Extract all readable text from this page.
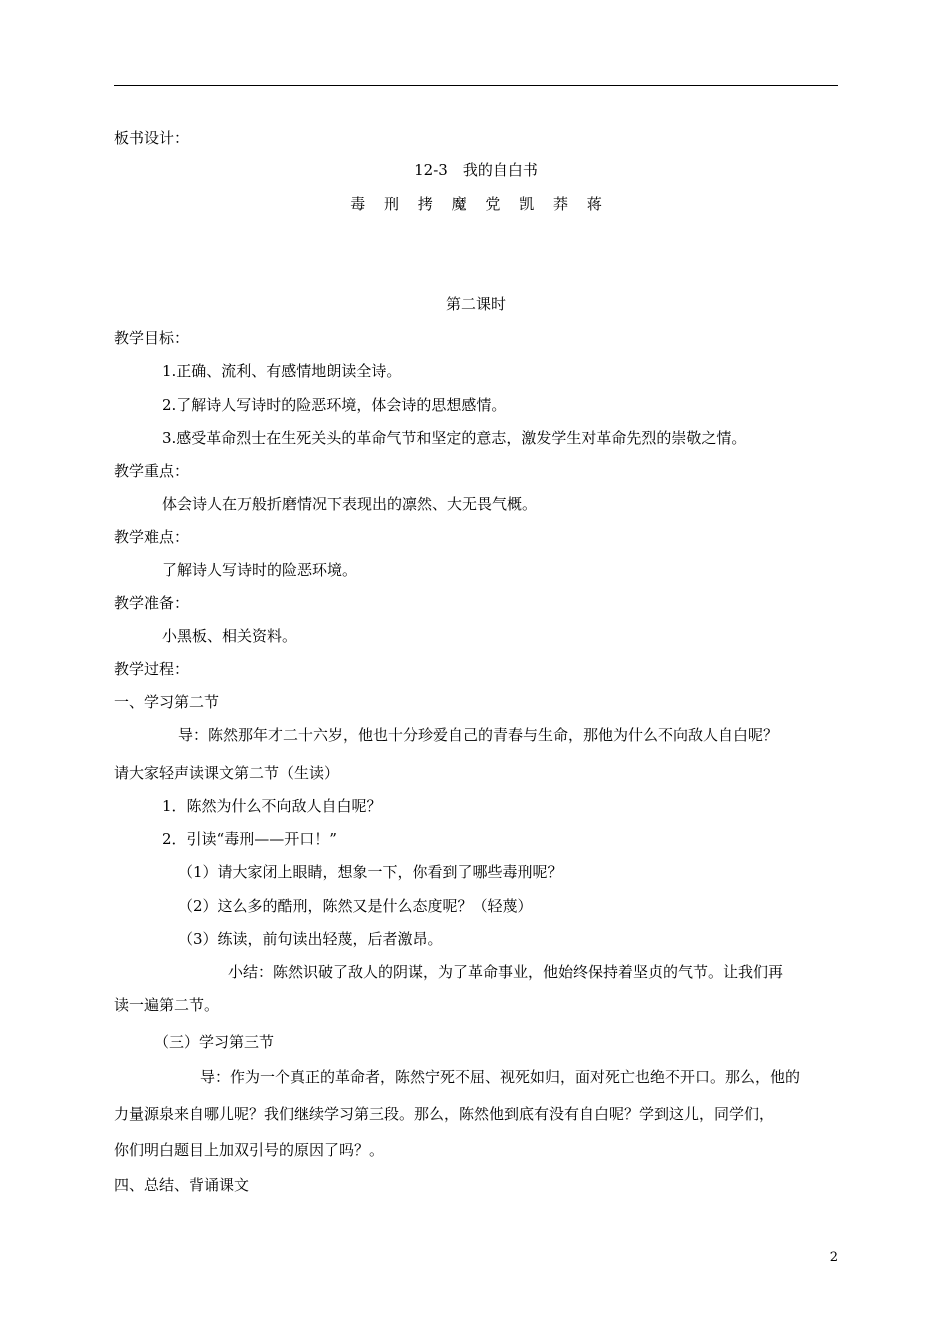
板书设计：
12-3　我的自白书
毒 刑 拷 魔 党 凯 莽 蒋
第二课时
教学目标：
1.正确、流利、有感情地朗读全诗。
2.了解诗人写诗时的险恶环境，体会诗的思想感情。
3.感受革命烈士在生死关头的革命气节和坚定的意志，激发学生对革命先烈的崇敬之情。
教学重点：
体会诗人在万般折磨情况下表现出的凛然、大无畏气概。
教学难点：
了解诗人写诗时的险恶环境。
教学准备：
小黑板、相关资料。
教学过程：
一、学习第二节
导：陈然那年才二十六岁，他也十分珍爱自己的青春与生命，那他为什么不向敌人自白呢？
请大家轻声读课文第二节（生读）
1．陈然为什么不向敌人自白呢？
2．引读“毒刑——开口！”
（1）请大家闭上眼睛，想象一下，你看到了哪些毒刑呢？
（2）这么多的酷刑，陈然又是什么态度呢？（轻蔑）
（3）练读，前句读出轻蔑，后者激昂。
小结：陈然识破了敌人的阴谋，为了革命事业，他始终保持着坚贞的气节。让我们再
读一遍第二节。
（三）学习第三节
导：作为一个真正的革命者，陈然宁死不屈、视死如归，面对死亡也绝不开口。那么，他的
力量源泉来自哪儿呢？我们继续学习第三段。那么，陈然他到底有没有自白呢？学到这儿，同学们，
你们明白题目上加双引号的原因了吗？。
四、总结、背诵课文
2
